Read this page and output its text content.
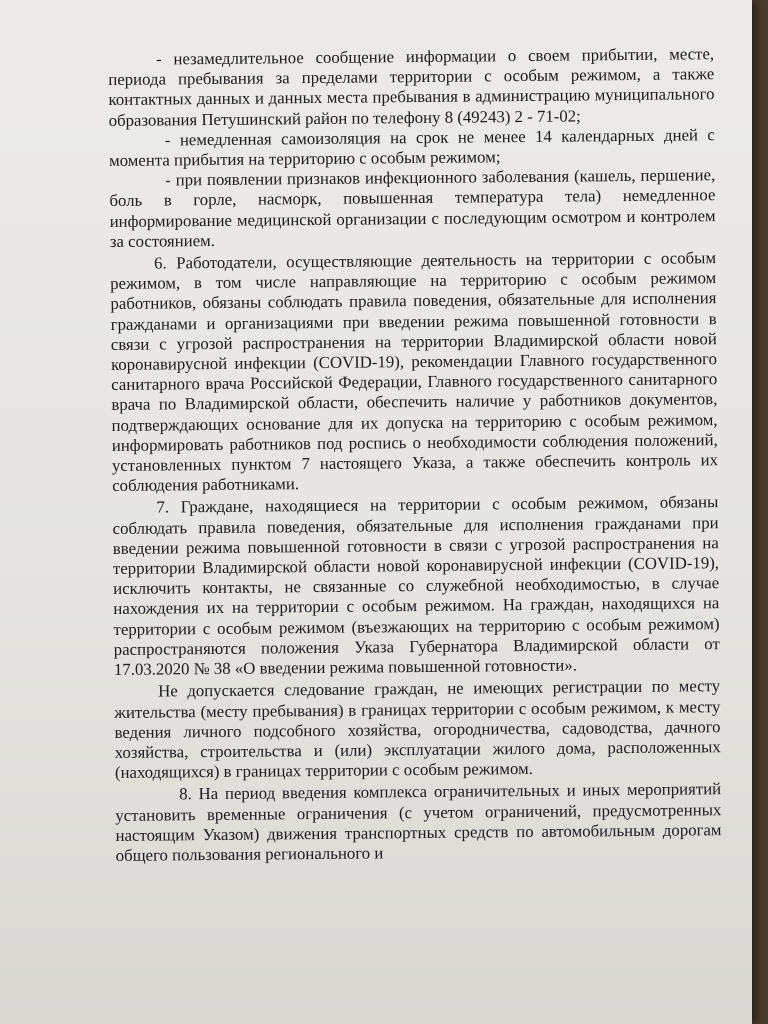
- незамедлительное сообщение информации о своем прибытии, месте, периода пребывания за пределами территории с особым режимом, а также контактных данных и данных места пребывания в администрацию муниципального образования Петушинский район по телефону 8 (49243) 2 - 71-02;

- немедленная самоизоляция на срок не менее 14 календарных дней с момента прибытия на территорию с особым режимом;

- при появлении признаков инфекционного заболевания (кашель, першение, боль в горле, насморк, повышенная температура тела) немедленное информирование медицинской организации с последующим осмотром и контролем за состоянием.

6. Работодатели, осуществляющие деятельность на территории с особым режимом, в том числе направляющие на территорию с особым режимом работников, обязаны соблюдать правила поведения, обязательные для исполнения гражданами и организациями при введении режима повышенной готовности в связи с угрозой распространения на территории Владимирской области новой коронавирусной инфекции (COVID-19), рекомендации Главного государственного санитарного врача Российской Федерации, Главного государственного санитарного врача по Владимирской области, обеспечить наличие у работников документов, подтверждающих основание для их допуска на территорию с особым режимом, информировать работников под роспись о необходимости соблюдения положений, установленных пунктом 7 настоящего Указа, а также обеспечить контроль их соблюдения работниками.

7. Граждане, находящиеся на территории с особым режимом, обязаны соблюдать правила поведения, обязательные для исполнения гражданами при введении режима повышенной готовности в связи с угрозой распространения на территории Владимирской области новой коронавирусной инфекции (COVID-19), исключить контакты, не связанные со служебной необходимостью, в случае нахождения их на территории с особым режимом. На граждан, находящихся на территории с особым режимом (въезжающих на территорию с особым режимом) распространяются положения Указа Губернатора Владимирской области от 17.03.2020 № 38 «О введении режима повышенной готовности».

Не допускается следование граждан, не имеющих регистрации по месту жительства (месту пребывания) в границах территории с особым режимом, к месту ведения личного подсобного хозяйства, огородничества, садоводства, дачного хозяйства, строительства и (или) эксплуатации жилого дома, расположенных (находящихся) в границах территории с особым режимом.

8. На период введения комплекса ограничительных и иных мероприятий установить временные ограничения (с учетом ограничений, предусмотренных настоящим Указом) движения транспортных средств по автомобильным дорогам общего пользования регионального и
